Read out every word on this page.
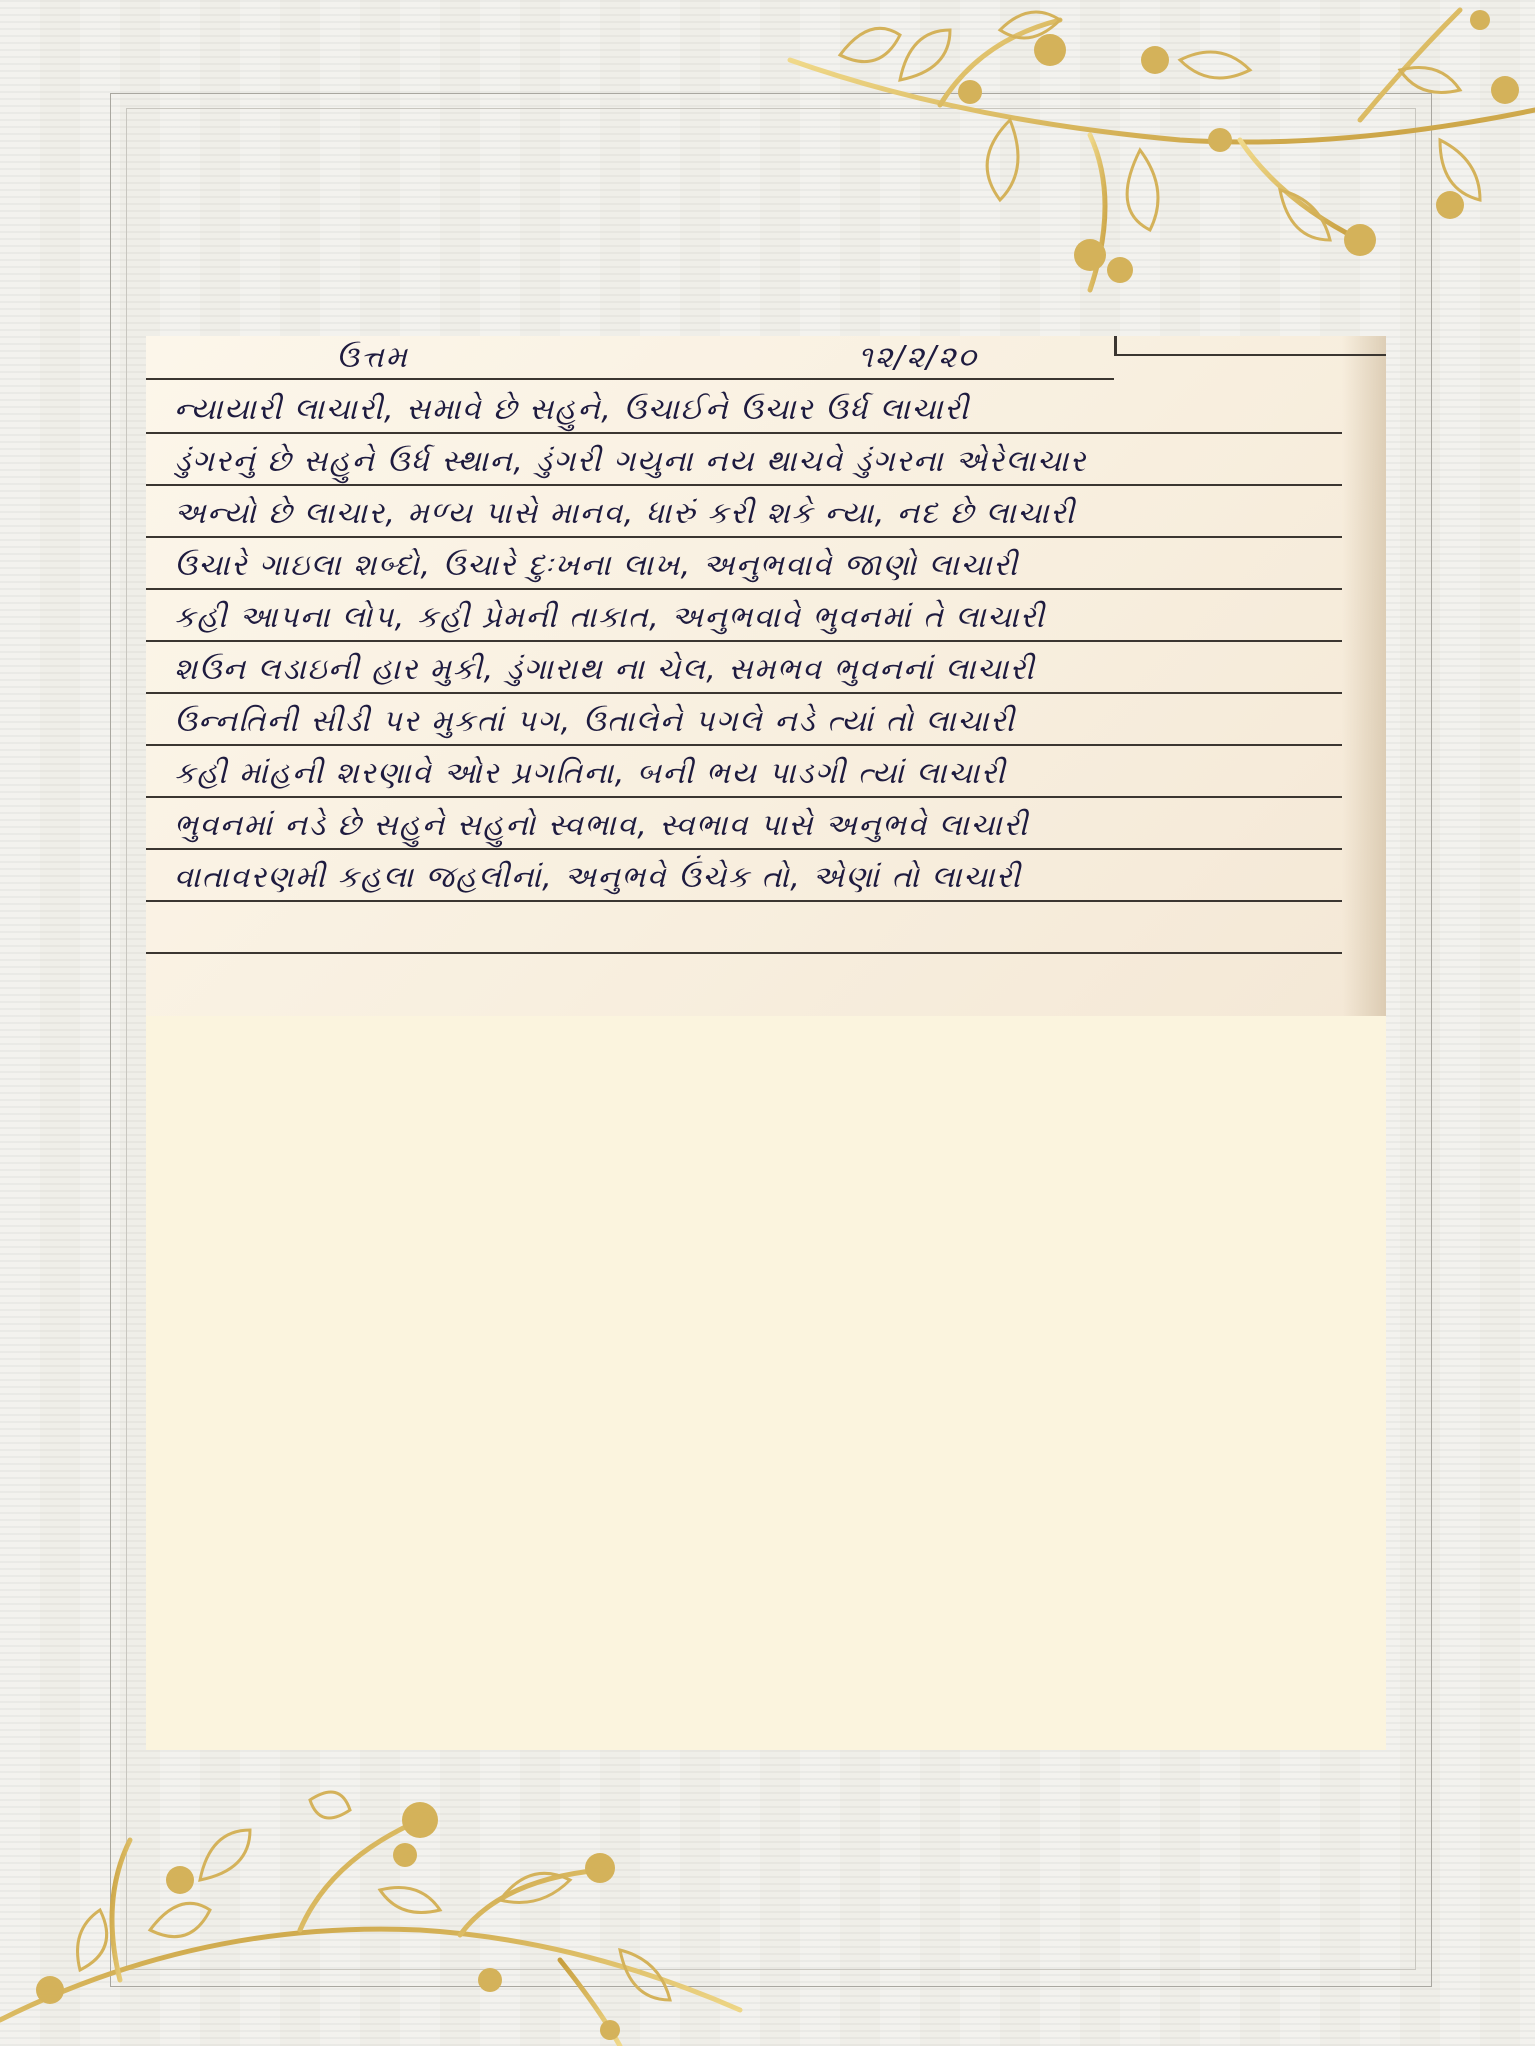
ઉત્તમ	૧૨/૨/૨૦
ન્યાયારી લાચારી, સમાવે છે સહુને, ઉચાઈને ઉચાર ઉર્ધ લાચારી
ડુંગરનું છે સહુને ઉર્ધ સ્થાન, ડુંગરી ગયુના નય થાચવે ડુંગરના એરેલાચાર
અન્યો છે લાચાર, મળ્ય પાસે માનવ, ધારું કરી શકે ન્યા, નદ છે લાચારી
ઉચારે ગાઇલા શબ્દો, ઉચારે દુઃખના લાખ, અનુભવાવે જાણો લાચારી
કહી આપના લોપ, કહી પ્રેમની તાકાત, અનુભવાવે ભુવનમાં તે લાચારી
શઉન લડાઇની હાર મુકી, ડુંગારાથ ના ચેલ, સમભવ ભુવનનાં લાચારી
ઉન્નતિની સીડી પર મુકતાં પગ, ઉતાલેને પગલે નડે ત્યાં તો લાચારી
કહી માંહની શરણાવે ઓર પ્રગતિના, બની ભય પાડગી ત્યાં લાચારી
ભુવનમાં નડે છે સહુને સહુનો સ્વભાવ, સ્વભાવ પાસે અનુભવે લાચારી
વાતાવરણમી કહલા જહલીનાં, અનુભવે ઉંચેક તો, એણાં તો લાચારી
